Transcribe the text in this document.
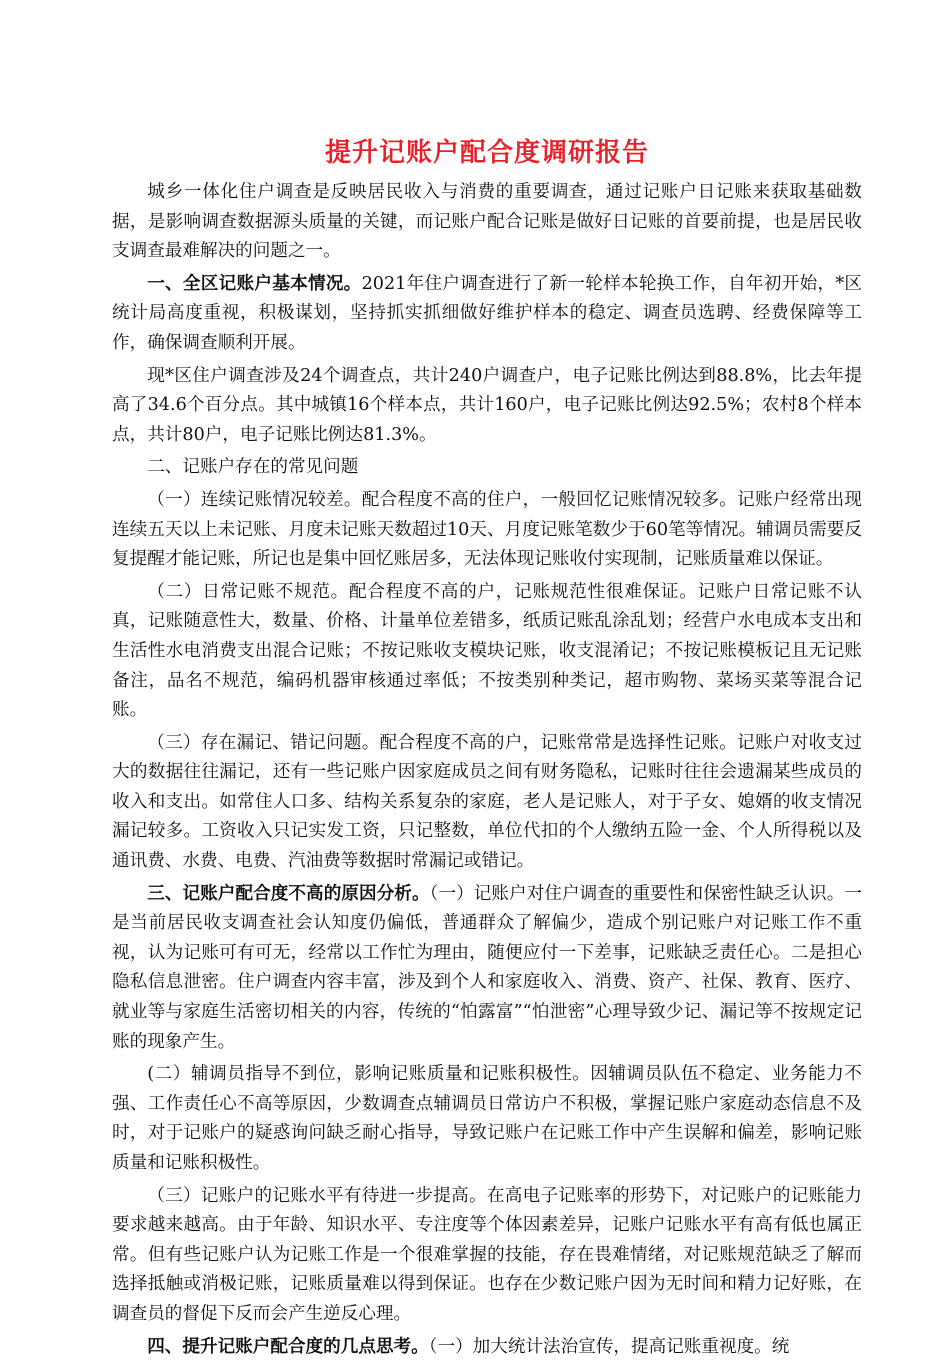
提升记账户配合度调研报告

城乡一体化住户调查是反映居民收入与消费的重要调查，通过记账户日记账来获取基础数据，是影响调查数据源头质量的关键，而记账户配合记账是做好日记账的首要前提，也是居民收支调查最难解决的问题之一。

一、全区记账户基本情况。2021年住户调查进行了新一轮样本轮换工作，自年初开始，*区统计局高度重视，积极谋划，坚持抓实抓细做好维护样本的稳定、调查员选聘、经费保障等工作，确保调查顺利开展。

现*区住户调查涉及24个调查点，共计240户调查户，电子记账比例达到88.8%，比去年提高了34.6个百分点。其中城镇16个样本点，共计160户，电子记账比例达92.5%；农村8个样本点，共计80户，电子记账比例达81.3%。

二、记账户存在的常见问题

（一）连续记账情况较差。配合程度不高的住户，一般回忆记账情况较多。记账户经常出现连续五天以上未记账、月度未记账天数超过10天、月度记账笔数少于60笔等情况。辅调员需要反复提醒才能记账，所记也是集中回忆账居多，无法体现记账收付实现制，记账质量难以保证。

（二）日常记账不规范。配合程度不高的户，记账规范性很难保证。记账户日常记账不认真，记账随意性大，数量、价格、计量单位差错多，纸质记账乱涂乱划；经营户水电成本支出和生活性水电消费支出混合记账；不按记账收支模块记账，收支混淆记；不按记账模板记且无记账备注，品名不规范，编码机器审核通过率低；不按类别种类记，超市购物、菜场买菜等混合记账。

（三）存在漏记、错记问题。配合程度不高的户，记账常常是选择性记账。记账户对收支过大的数据往往漏记，还有一些记账户因家庭成员之间有财务隐私，记账时往往会遗漏某些成员的收入和支出。如常住人口多、结构关系复杂的家庭，老人是记账人，对于子女、媳婿的收支情况漏记较多。工资收入只记实发工资，只记整数，单位代扣的个人缴纳五险一金、个人所得税以及通讯费、水费、电费、汽油费等数据时常漏记或错记。

三、记账户配合度不高的原因分析。（一）记账户对住户调查的重要性和保密性缺乏认识。一是当前居民收支调查社会认知度仍偏低，普通群众了解偏少，造成个别记账户对记账工作不重视，认为记账可有可无，经常以工作忙为理由，随便应付一下差事，记账缺乏责任心。二是担心隐私信息泄密。住户调查内容丰富，涉及到个人和家庭收入、消费、资产、社保、教育、医疗、就业等与家庭生活密切相关的内容，传统的“怕露富”“怕泄密”心理导致少记、漏记等不按规定记账的现象产生。

(二）辅调员指导不到位，影响记账质量和记账积极性。因辅调员队伍不稳定、业务能力不强、工作责任心不高等原因，少数调查点辅调员日常访户不积极，掌握记账户家庭动态信息不及时，对于记账户的疑惑询问缺乏耐心指导，导致记账户在记账工作中产生误解和偏差，影响记账质量和记账积极性。

（三）记账户的记账水平有待进一步提高。在高电子记账率的形势下，对记账户的记账能力要求越来越高。由于年龄、知识水平、专注度等个体因素差异，记账户记账水平有高有低也属正常。但有些记账户认为记账工作是一个很难掌握的技能，存在畏难情绪，对记账规范缺乏了解而选择抵触或消极记账，记账质量难以得到保证。也存在少数记账户因为无时间和精力记好账，在调查员的督促下反而会产生逆反心理。

四、提升记账户配合度的几点思考。（一）加大统计法治宣传，提高记账重视度。统
